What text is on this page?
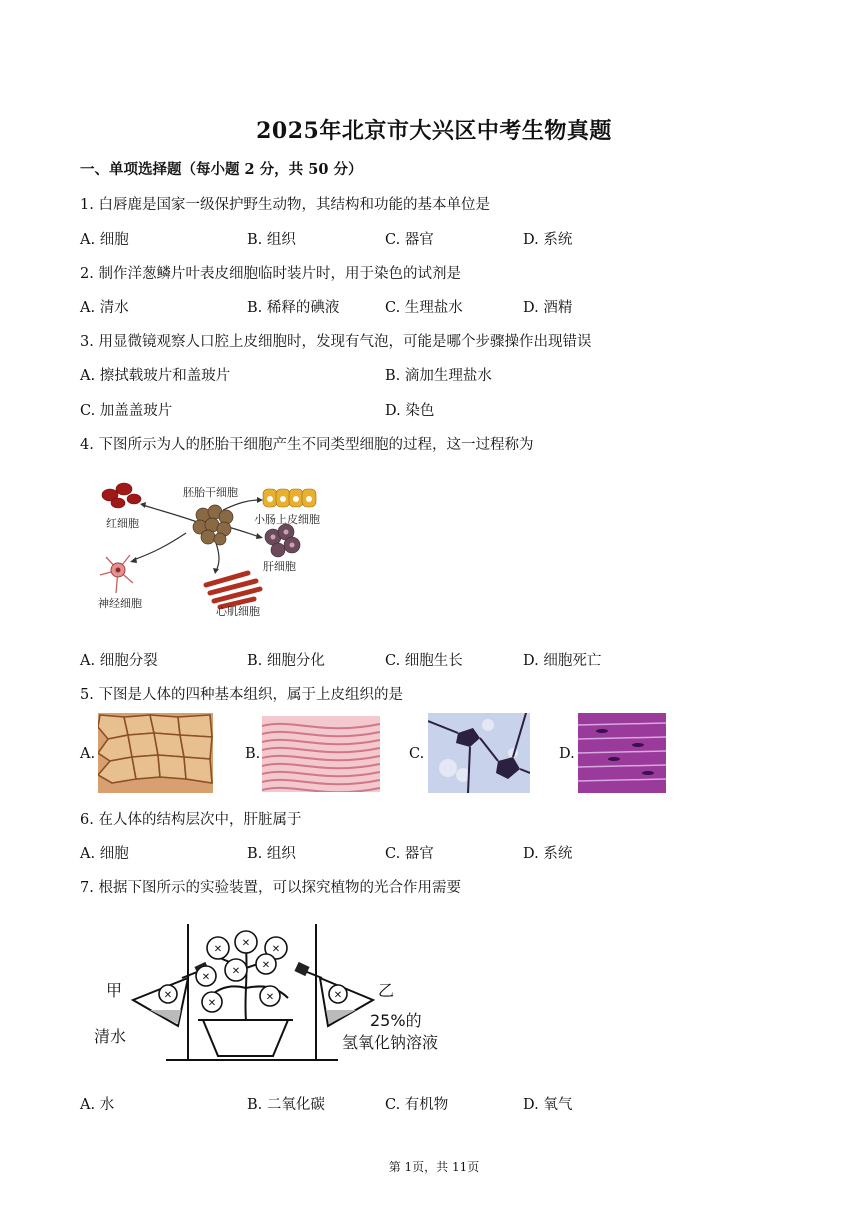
2025年北京市大兴区中考生物真题
一、单项选择题（每小题 2 分，共 50 分）
1. 白唇鹿是国家一级保护野生动物，其结构和功能的基本单位是
A. 细胞	B. 组织	C. 器官	D. 系统
2. 制作洋葱鳞片叶表皮细胞临时装片时，用于染色的试剂是
A. 清水	B. 稀释的碘液	C. 生理盐水	D. 酒精
3. 用显微镜观察人口腔上皮细胞时，发现有气泡，可能是哪个步骤操作出现错误
A. 擦拭载玻片和盖玻片	B. 滴加生理盐水
C. 加盖盖玻片	D. 染色
4. 下图所示为人的胚胎干细胞产生不同类型细胞的过程，这一过程称为
胚胎干细胞
红细胞	小肠上皮细胞
肝细胞
神经细胞
心肌细胞
A. 细胞分裂	B. 细胞分化	C. 细胞生长	D. 细胞死亡
5. 下图是人体的四种基本组织，属于上皮组织的是
A.	B.	C.	D.
6. 在人体的结构层次中，肝脏属于
A. 细胞	B. 组织	C. 器官	D. 系统
7. 根据下图所示的实验装置，可以探究植物的光合作用需要
✕
✕	✕
✕
✕
✕
✕
✕
✕	✕
甲
清水
乙
25%的
氢氧化钠溶液
A. 水	B. 二氧化碳	C. 有机物	D. 氧气
第 1页，共 11页
